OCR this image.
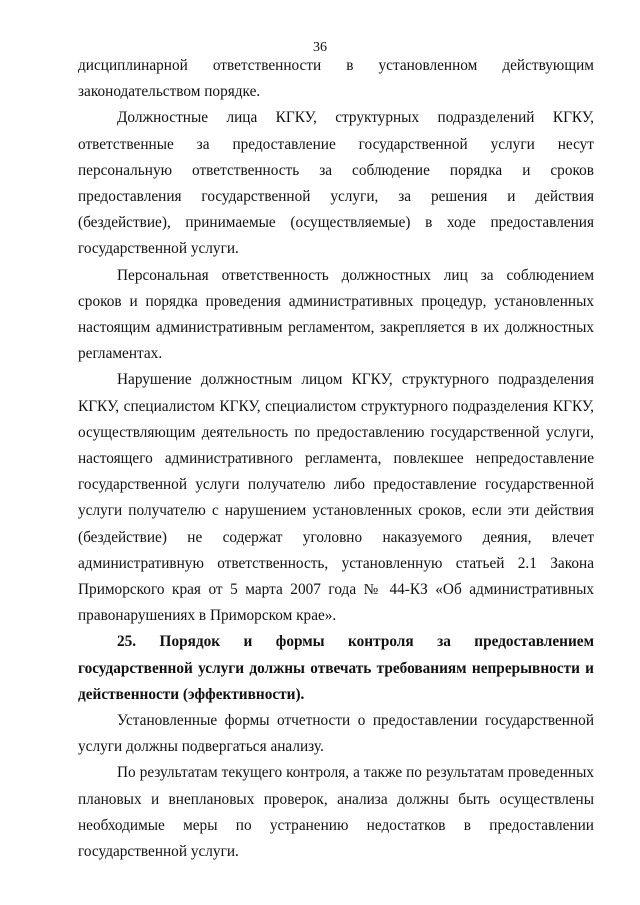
36

дисциплинарной ответственности в установленном действующим законодательством порядке.

Должностные лица КГКУ, структурных подразделений КГКУ, ответственные за предоставление государственной услуги несут персональную ответственность за соблюдение порядка и сроков предоставления государственной услуги, за решения и действия (бездействие), принимаемые (осуществляемые) в ходе предоставления государственной услуги.

Персональная ответственность должностных лиц за соблюдением сроков и порядка проведения административных процедур, установленных настоящим административным регламентом, закрепляется в их должностных регламентах.

Нарушение должностным лицом КГКУ, структурного подразделения КГКУ, специалистом КГКУ, специалистом структурного подразделения КГКУ, осуществляющим деятельность по предоставлению государственной услуги, настоящего административного регламента, повлекшее непредоставление государственной услуги получателю либо предоставление государственной услуги получателю с нарушением установленных сроков, если эти действия (бездействие) не содержат уголовно наказуемого деяния, влечет административную ответственность, установленную статьей 2.1 Закона Приморского края от 5 марта 2007 года № 44-КЗ «Об административных правонарушениях в Приморском крае».

25. Порядок и формы контроля за предоставлением государственной услуги должны отвечать требованиям непрерывности и действенности (эффективности).

Установленные формы отчетности о предоставлении государственной услуги должны подвергаться анализу.

По результатам текущего контроля, а также по результатам проведенных плановых и внеплановых проверок, анализа должны быть осуществлены необходимые меры по устранению недостатков в предоставлении государственной услуги.
